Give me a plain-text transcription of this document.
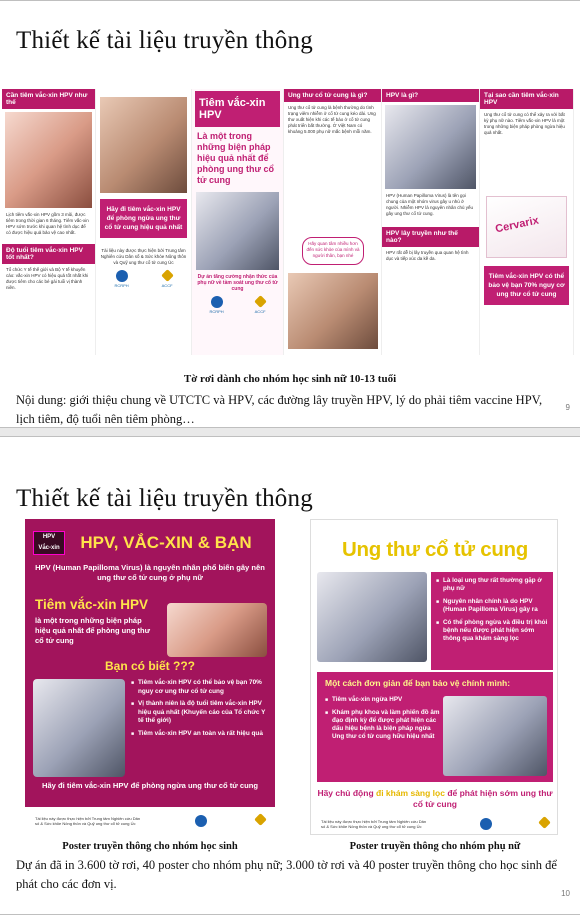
Thiết kế tài liệu truyền thông
Cần tiêm vắc-xin HPV như thế
Lịch tiêm vắc-xin HPV gồm 3 mũi, được tiêm trong thời gian 6 tháng. Tiêm vắc-xin HPV sớm trước khi quan hệ tình dục để có được hiệu quả bảo vệ cao nhất.
Độ tuổi tiêm vắc-xin HPV tốt nhất?
Tổ chức Y tế thế giới và Bộ Y tế khuyến cáo: vắc-xin HPV có hiệu quả tốt nhất khi được tiêm cho các bé gái tuổi vị thành niên.
Hãy đi tiêm vắc-xin HPV để phòng ngừa ung thư cổ tử cung hiệu quả nhất
Tài liệu này được thực hiện bởi Trung tâm Nghiên cứu Dân số & Sức khỏe Nông thôn và Quỹ ung thư cổ tử cung Úc
RCRPH	ACCF
Tiêm vắc-xin HPV
Là một trong những biện pháp hiệu quả nhất để phòng ung thư cổ tử cung
Dự án tăng cường nhận thức của phụ nữ về tầm soát ung thư cổ tử cung
RCRPH	ACCF
Ung thư cổ tử cung là gì?
Ung thư cổ tử cung là bệnh thường do tình trạng viêm nhiễm ở cổ tử cung kéo dài. Ung thư xuất hiện khi các tế bào ở cổ tử cung phát triển bất thường. Ở Việt Nam có khoảng 5.000 phụ nữ mắc bệnh mỗi năm.
Hãy quan tâm nhiều hơn đến sức khỏe của mình và người thân, bạn nhé
HPV là gì?
HPV (Human Papilloma Virus) là tên gọi chung của một nhóm virus gây u nhú ở người. Nhiễm HPV là nguyên nhân chủ yếu gây ung thư cổ tử cung.
HPV lây truyền như thế nào?
HPV rất dễ bị lây truyền qua quan hệ tình dục và tiếp xúc da kề da.
Tại sao cần tiêm vắc-xin HPV
Ung thư cổ tử cung có thể xảy ra với bất kỳ phụ nữ nào. Tiêm vắc-xin HPV là một trong những biện pháp phòng ngừa hiệu quả nhất.
Cervarix
Tiêm vắc-xin HPV có thể bảo vệ bạn 70% nguy cơ ung thư cổ tử cung
Tờ rơi dành cho nhóm học sinh nữ 10-13 tuổi

Nội dung: giới thiệu chung về UTCTC và HPV, các đường lây truyền HPV, lý do phải tiêm vaccine HPV, lịch tiêm, độ tuổi nên tiêm phòng…

9
Thiết kế tài liệu truyền thông
HPV
Vắc-xin	HPV, VẮC-XIN & BẠN
HPV (Human Papilloma Virus) là nguyên nhân phổ biến gây nên ung thư cổ tử cung ở phụ nữ
Tiêm vắc-xin HPV
là một trong những biện pháp hiệu quả nhất để phòng ung thư cổ tử cung
Bạn có biết ???
■ Tiêm vắc-xin HPV có thể bảo vệ bạn 70% nguy cơ ung thư cổ tử cung
■ Vị thành niên là độ tuổi tiêm vắc-xin HPV hiệu quả nhất (Khuyến cáo của Tổ chức Y tế thế giới)
■ Tiêm vắc-xin HPV an toàn và rất hiệu quả
Hãy đi tiêm vắc-xin HPV để phòng ngừa ung thư cổ tử cung
Tài liệu này được thực hiện bởi Trung tâm Nghiên cứu Dân số & Sức khỏe Nông thôn và Quỹ ung thư cổ tử cung Úc
Ung thư cổ tử cung
■ Là loại ung thư rất thường gặp ở phụ nữ
■ Nguyên nhân chính là do HPV (Human Papilloma Virus) gây ra
■ Có thể phòng ngừa và điều trị khỏi bệnh nếu được phát hiện sớm thông qua khám sàng lọc
Một cách đơn giản để bạn bảo vệ chính mình:
■ Tiêm vắc-xin ngừa HPV
■ Khám phụ khoa và làm phiến đồ âm đạo định kỳ để được phát hiện các dấu hiệu bệnh là biện pháp ngừa Ung thư cổ tử cung hữu hiệu nhất
Hãy chủ động đi khám sàng lọc để phát hiện sớm ung thư cổ tử cung
Tài liệu này được thực hiện bởi Trung tâm Nghiên cứu Dân số & Sức khỏe Nông thôn và Quỹ ung thư cổ tử cung Úc
Poster truyền thông cho nhóm học sinh	Poster truyền thông cho nhóm phụ nữ

Dự án đã in 3.600 tờ rơi, 40 poster cho nhóm phụ nữ; 3.000 tờ rơi và 40 poster truyền thông cho học sinh để phát cho các đơn vị.

10
